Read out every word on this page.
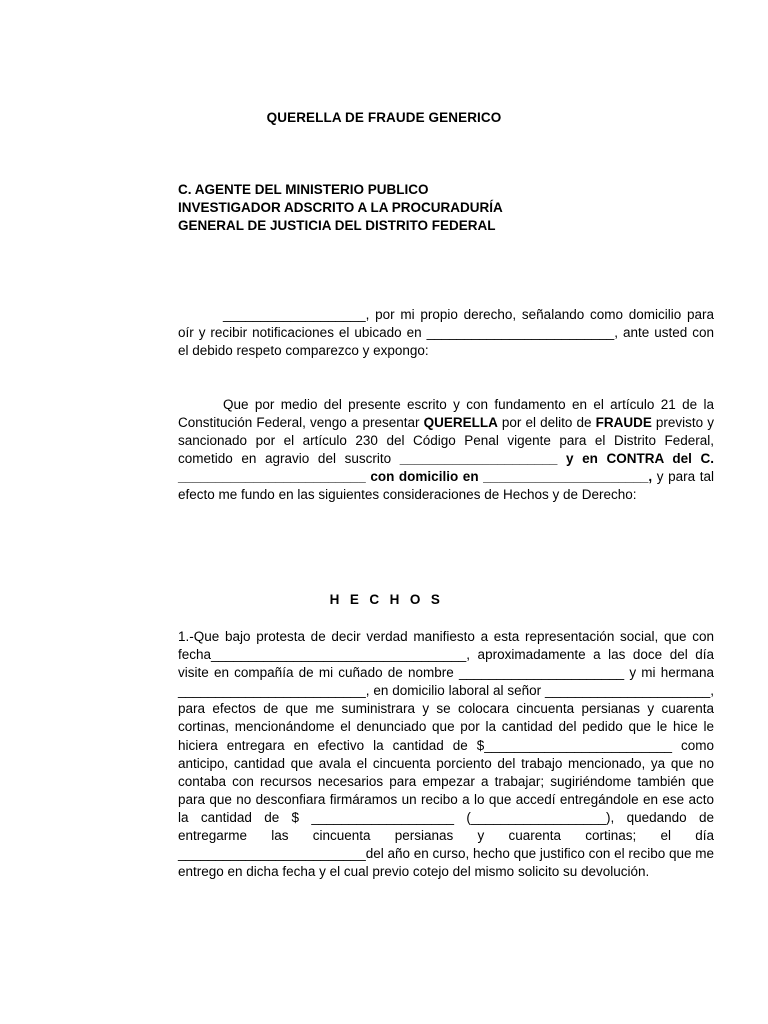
QUERELLA DE FRAUDE GENERICO
C. AGENTE DEL MINISTERIO PUBLICO
INVESTIGADOR ADSCRITO A LA PROCURADURÍA
GENERAL DE JUSTICIA DEL DISTRITO FEDERAL

___________________, por mi propio derecho, señalando como domicilio para oír y recibir notificaciones el ubicado en _________________________, ante usted con el debido respeto comparezco y expongo:

Que por medio del presente escrito y con fundamento en el artículo 21 de la Constitución Federal, vengo a presentar QUERELLA por el delito de FRAUDE previsto y sancionado por el artículo 230 del Código Penal vigente para el Distrito Federal, cometido en agravio del suscrito _____________________ y en CONTRA del C. _________________________ con domicilio en ______________________, y para tal efecto me fundo en las siguientes consideraciones de Hechos y de Derecho:

HECHOS

1.-Que bajo protesta de decir verdad manifiesto a esta representación social, que con fecha__________________________________, aproximadamente a las doce del día visite en compañía de mi cuñado de nombre ______________________ y mi hermana _________________________, en domicilio laboral al señor ______________________, para efectos de que me suministrara y se colocara cincuenta persianas y cuarenta cortinas, mencionándome el denunciado que por la cantidad del pedido que le hice le hiciera entregara en efectivo la cantidad de $_________________________ como anticipo, cantidad que avala el cincuenta porciento del trabajo mencionado, ya que no contaba con recursos necesarios para empezar a trabajar; sugiriéndome también que para que no desconfiara firmáramos un recibo a lo que accedí entregándole en ese acto la cantidad de $ ___________________ (__________________), quedando de entregarme las cincuenta persianas y cuarenta cortinas; el día _________________________del año en curso, hecho que justifico con el recibo que me entrego en dicha fecha y el cual previo cotejo del mismo solicito su devolución.
